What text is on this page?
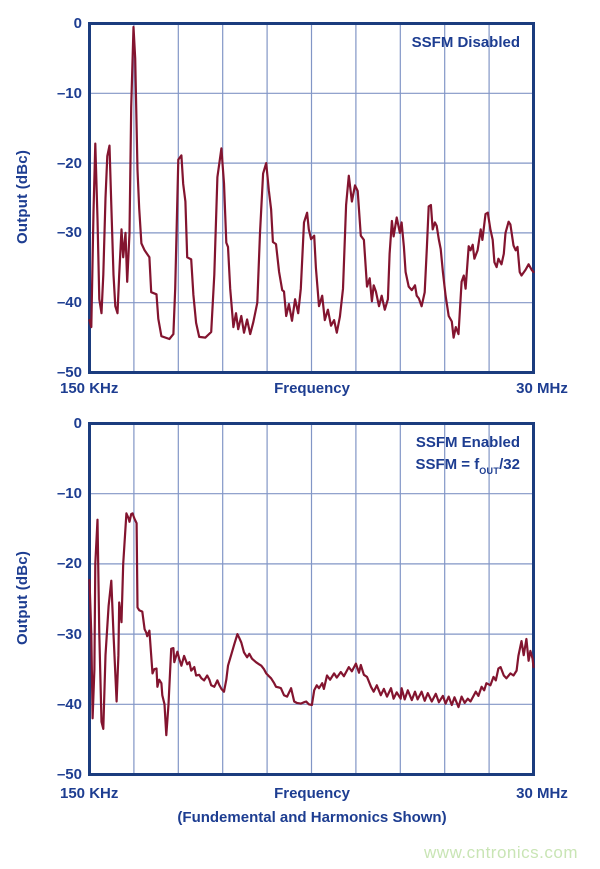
Output (dBc)
0
–10
–20
–30
–40
–50
SSFM Disabled
150 KHz	Frequency	30 MHz
Output (dBc)
0
–10
–20
–30
–40
–50
SSFM Enabled
SSFM = $f_{OUT}/32$
150 KHz	Frequency	30 MHz
(Fundemental and Harmonics Shown)
www.cntronics.com
